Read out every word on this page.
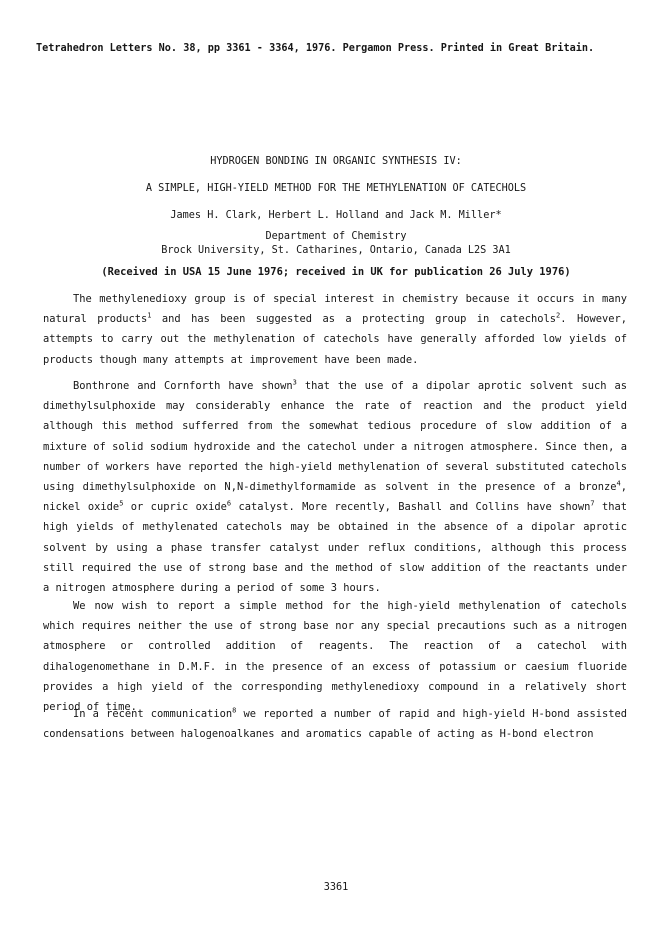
Tetrahedron Letters No. 38, pp 3361 - 3364, 1976. Pergamon Press. Printed in Great Britain.
HYDROGEN BONDING IN ORGANIC SYNTHESIS IV:
A SIMPLE, HIGH-YIELD METHOD FOR THE METHYLENATION OF CATECHOLS
James H. Clark, Herbert L. Holland and Jack M. Miller*
Department of Chemistry
Brock University, St. Catharines, Ontario, Canada L2S 3A1
(Received in USA 15 June 1976; received in UK for publication 26 July 1976)

The methylenedioxy group is of special interest in chemistry because it occurs in many natural products$^1$ and has been suggested as a protecting group in catechols$^2$. However, attempts to carry out the methylenation of catechols have generally afforded low yields of products though many attempts at improvement have been made.

Bonthrone and Cornforth have shown$^3$ that the use of a dipolar aprotic solvent such as dimethylsulphoxide may considerably enhance the rate of reaction and the product yield although this method sufferred from the somewhat tedious procedure of slow addition of a mixture of solid sodium hydroxide and the catechol under a nitrogen atmosphere. Since then, a number of workers have reported the high-yield methylenation of several substituted catechols using dimethylsulphoxide on N,N-dimethylformamide as solvent in the presence of a bronze$^4$, nickel oxide$^5$ or cupric oxide$^6$ catalyst. More recently, Bashall and Collins have shown$^7$ that high yields of methylenated catechols may be obtained in the absence of a dipolar aprotic solvent by using a phase transfer catalyst under reflux conditions, although this process still required the use of strong base and the method of slow addition of the reactants under a nitrogen atmosphere during a period of some 3 hours.

We now wish to report a simple method for the high-yield methylenation of catechols which requires neither the use of strong base nor any special precautions such as a nitrogen atmosphere or controlled addition of reagents. The reaction of a catechol with dihalogenomethane in D.M.F. in the presence of an excess of potassium or caesium fluoride provides a high yield of the corresponding methylenedioxy compound in a relatively short period of time.

In a recent communication$^8$ we reported a number of rapid and high-yield H-bond assisted condensations between halogenoalkanes and aromatics capable of acting as H-bond electron

3361
